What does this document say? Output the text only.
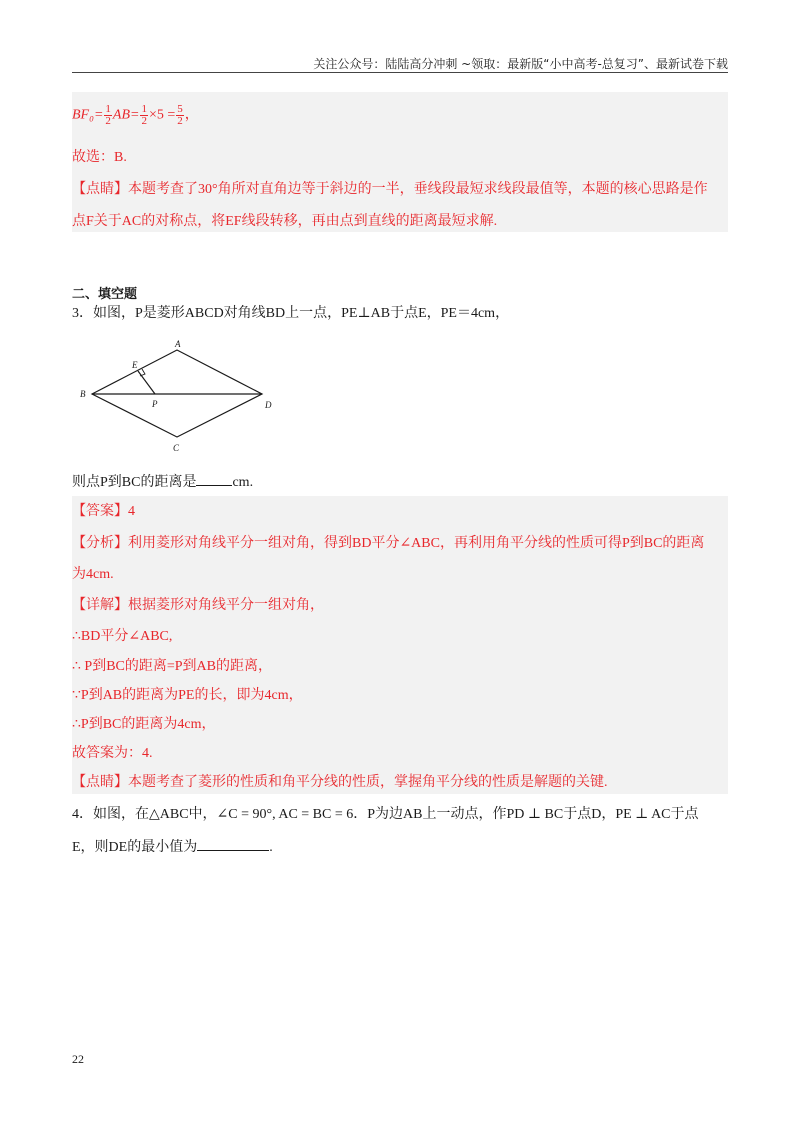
关注公众号：陆陆高分冲刺 ~领取：最新版“小中高考-总复习”、最新试卷下载
$BF_0= \frac{1}{2} AB= \frac{1}{2} \times 5 = \frac{5}{2}$ ，
故选：B.
【点睛】本题考查了30°角所对直角边等于斜边的一半，垂线段最短求线段最值等，本题的核心思路是作
点F关于AC的对称点，将EF线段转移，再由点到直线的距离最短求解.
二、填空题
3．如图，P是菱形ABCD对角线BD上一点，PE⊥AB于点E，PE＝4cm，
A
B
C
D
E
P
则点P到BC的距离是	cm.
【答案】4
【分析】利用菱形对角线平分一组对角，得到BD平分∠ABC，再利用角平分线的性质可得P到BC的距离
为4cm.
【详解】根据菱形对角线平分一组对角，
∴BD平分∠ABC,
∴ P到BC的距离=P到AB的距离，
∵P到AB的距离为PE的长，即为4cm，
∴P到BC的距离为4cm，
故答案为：4.
【点睛】本题考查了菱形的性质和角平分线的性质，掌握角平分线的性质是解题的关键.
4．如图，在△ABC中，∠C = 90°, AC = BC = 6．P为边AB上一动点，作PD ⊥ BC于点D，PE ⊥ AC于点
E，则DE的最小值为	.
22
